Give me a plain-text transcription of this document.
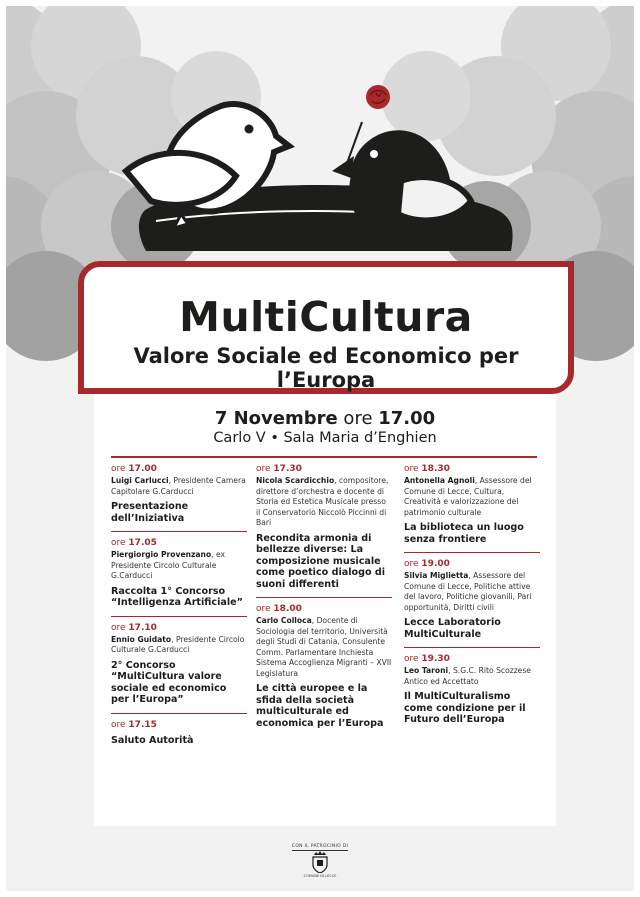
MultiCultura
Valore Sociale ed Economico per l’Europa
7 Novembre ore 17.00
Carlo V • Sala Maria d’Enghien
ore 17.00
Luigi Carlucci, Presidente Camera Capitolare G.Carducci
Presentazione dell’Iniziativa
ore 17.05
Piergiorgio Provenzano, ex Presidente Circolo Culturale G.Carducci
Raccolta 1° Concorso “Intelligenza Artificiale”
ore 17.10
Ennio Guidato, Presidente Circolo Culturale G.Carducci
2° Concorso “MultiCultura valore sociale ed economico per l’Europa”
ore 17.15
Saluto Autorità
ore 17.30
Nicola Scardicchio, compositore, direttore d’orchestra e docente di Storia ed Estetica Musicale presso il Conservatorio Niccolò Piccinni di Bari
Recondita armonia di bellezze diverse: La composizione musicale come poetico dialogo di suoni differenti
ore 18.00
Carlo Colloca, Docente di Sociologia del territorio, Università degli Studi di Catania, Consulente Comm. Parlamentare Inchiesta Sistema Accoglienza Migranti – XVII Legislatura
Le città europee e la sfida della società multiculturale ed economica per l’Europa
ore 18.30
Antonella Agnoli, Assessore del Comune di Lecce, Cultura, Creatività e valorizzazione del patrimonio culturale
La biblioteca un luogo senza frontiere
ore 19.00
Silvia Miglietta, Assessore del Comune di Lecce, Politiche attive del lavoro, Politiche giovanili, Pari opportunità, Diritti civili
Lecce Laboratorio MultiCulturale
ore 19.30
Leo Taroni, S.G.C. Rito Scozzese Antico ed Accettato
Il MultiCulturalismo come condizione per il Futuro dell’Europa
CON IL PATROCINIO DI
COMUNE DI LECCE
